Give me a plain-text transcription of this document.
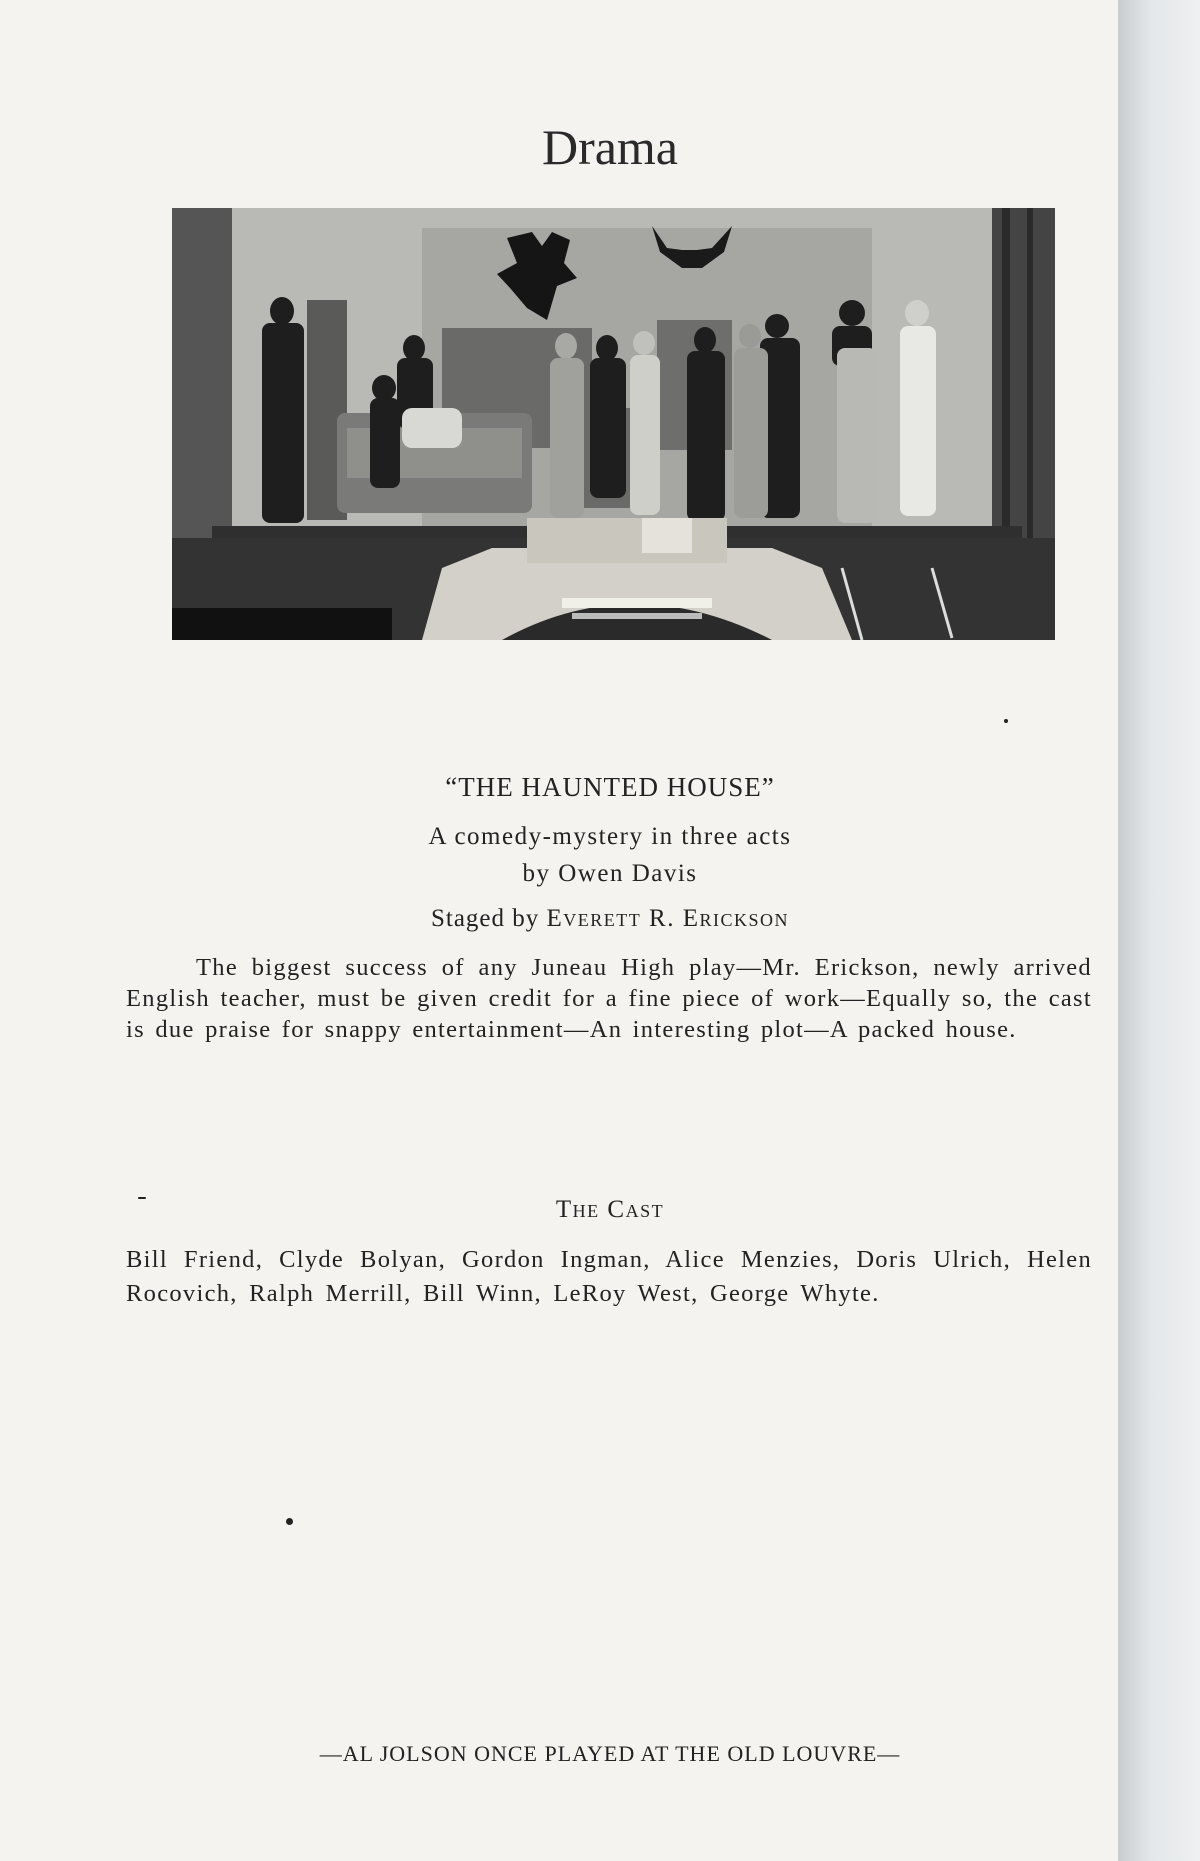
Drama
“THE HAUNTED HOUSE”
A comedy-mystery in three acts
by Owen Davis
Staged by Everett R. Erickson
The biggest success of any Juneau High play—Mr. Erickson, newly arrived English teacher, must be given credit for a fine piece of work—Equally so, the cast is due praise for snappy entertainment—An interesting plot—A packed house.
The Cast
Bill Friend, Clyde Bolyan, Gordon Ingman, Alice Menzies, Doris Ulrich, Helen Rocovich, Ralph Merrill, Bill Winn, LeRoy West, George Whyte.
—AL JOLSON ONCE PLAYED AT THE OLD LOUVRE—
